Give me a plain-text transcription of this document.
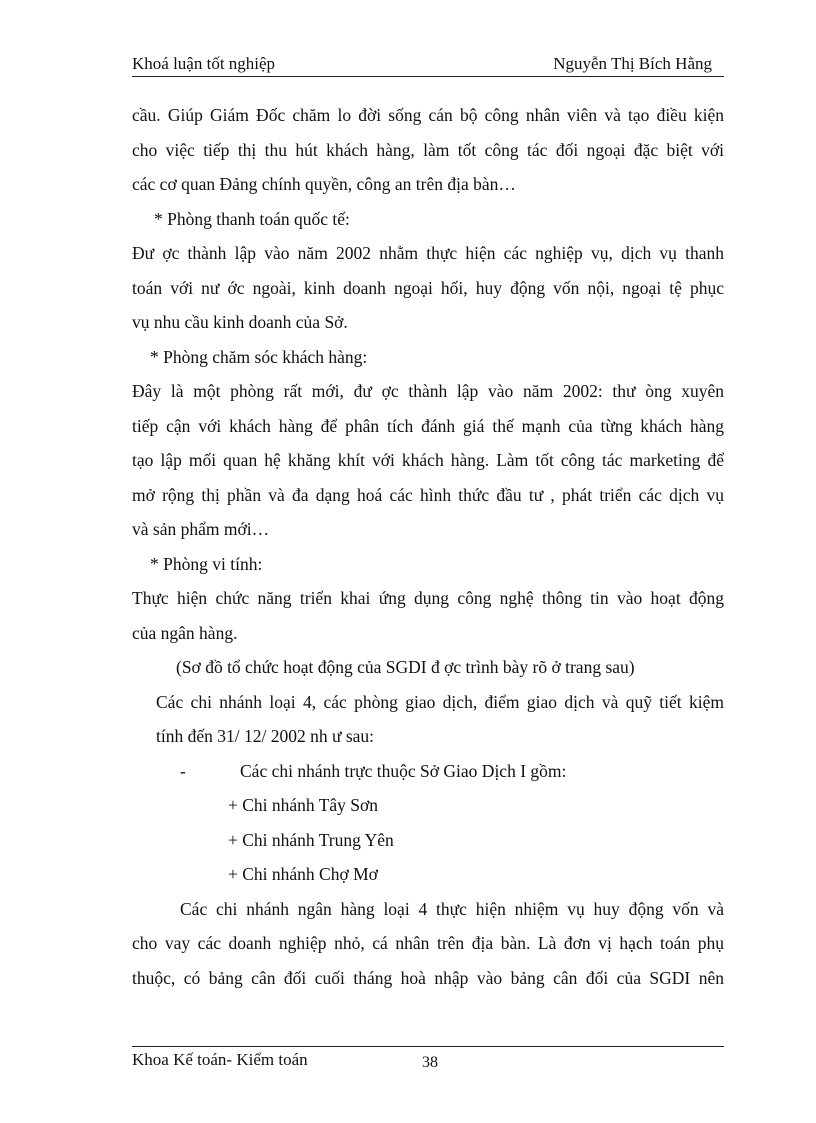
Khoá luận tốt nghiệp	Nguyễn Thị Bích Hằng
cầu. Giúp Giám Đốc chăm lo đời sống cán bộ công nhân viên và tạo điều kiện
cho việc tiếp thị thu hút khách hàng, làm tốt công tác đối ngoại đặc biệt với
các cơ quan Đảng chính quyền, công an trên địa bàn…
* Phòng thanh toán quốc tế:
Đư ợc thành lập vào năm 2002 nhằm thực hiện các nghiệp vụ, dịch vụ thanh
toán với nư ớc ngoài, kinh doanh ngoại hối, huy động vốn nội, ngoại tệ phục
vụ nhu cầu kinh doanh của Sở.
* Phòng chăm sóc khách hàng:
Đây là một phòng rất mới, đư ợc thành lập vào năm 2002: thư òng xuyên
tiếp cận với khách hàng để phân tích đánh giá thế mạnh của từng khách hàng
tạo lập mối quan hệ khăng khít với khách hàng. Làm tốt công tác marketing để
mở rộng thị phần và đa dạng hoá các hình thức đầu tư , phát triển các dịch vụ
và sản phẩm mới…
* Phòng vi tính:
Thực hiện chức năng triển khai ứng dụng công nghệ thông tin vào hoạt động
của ngân hàng.
(Sơ đồ tổ chức hoạt động của SGDI đ ợc trình bày rõ ở trang sau)
Các chi nhánh loại 4, các phòng giao dịch, điểm giao dịch và quỹ tiết kiệm
tính đến 31/ 12/ 2002 nh ư sau:
-	Các chi nhánh trực thuộc Sở Giao Dịch I gồm:
+ Chi nhánh Tây Sơn
+ Chi nhánh Trung Yên
+ Chi nhánh Chợ Mơ
Các chi nhánh ngân hàng loại 4 thực hiện nhiệm vụ huy động vốn và
cho vay các doanh nghiệp nhỏ, cá nhân trên địa bàn. Là đơn vị hạch toán phụ
thuộc, có bảng cân đối cuối tháng hoà nhập vào bảng cân đối của SGDI nên
Khoa Kế toán- Kiểm toán	38
